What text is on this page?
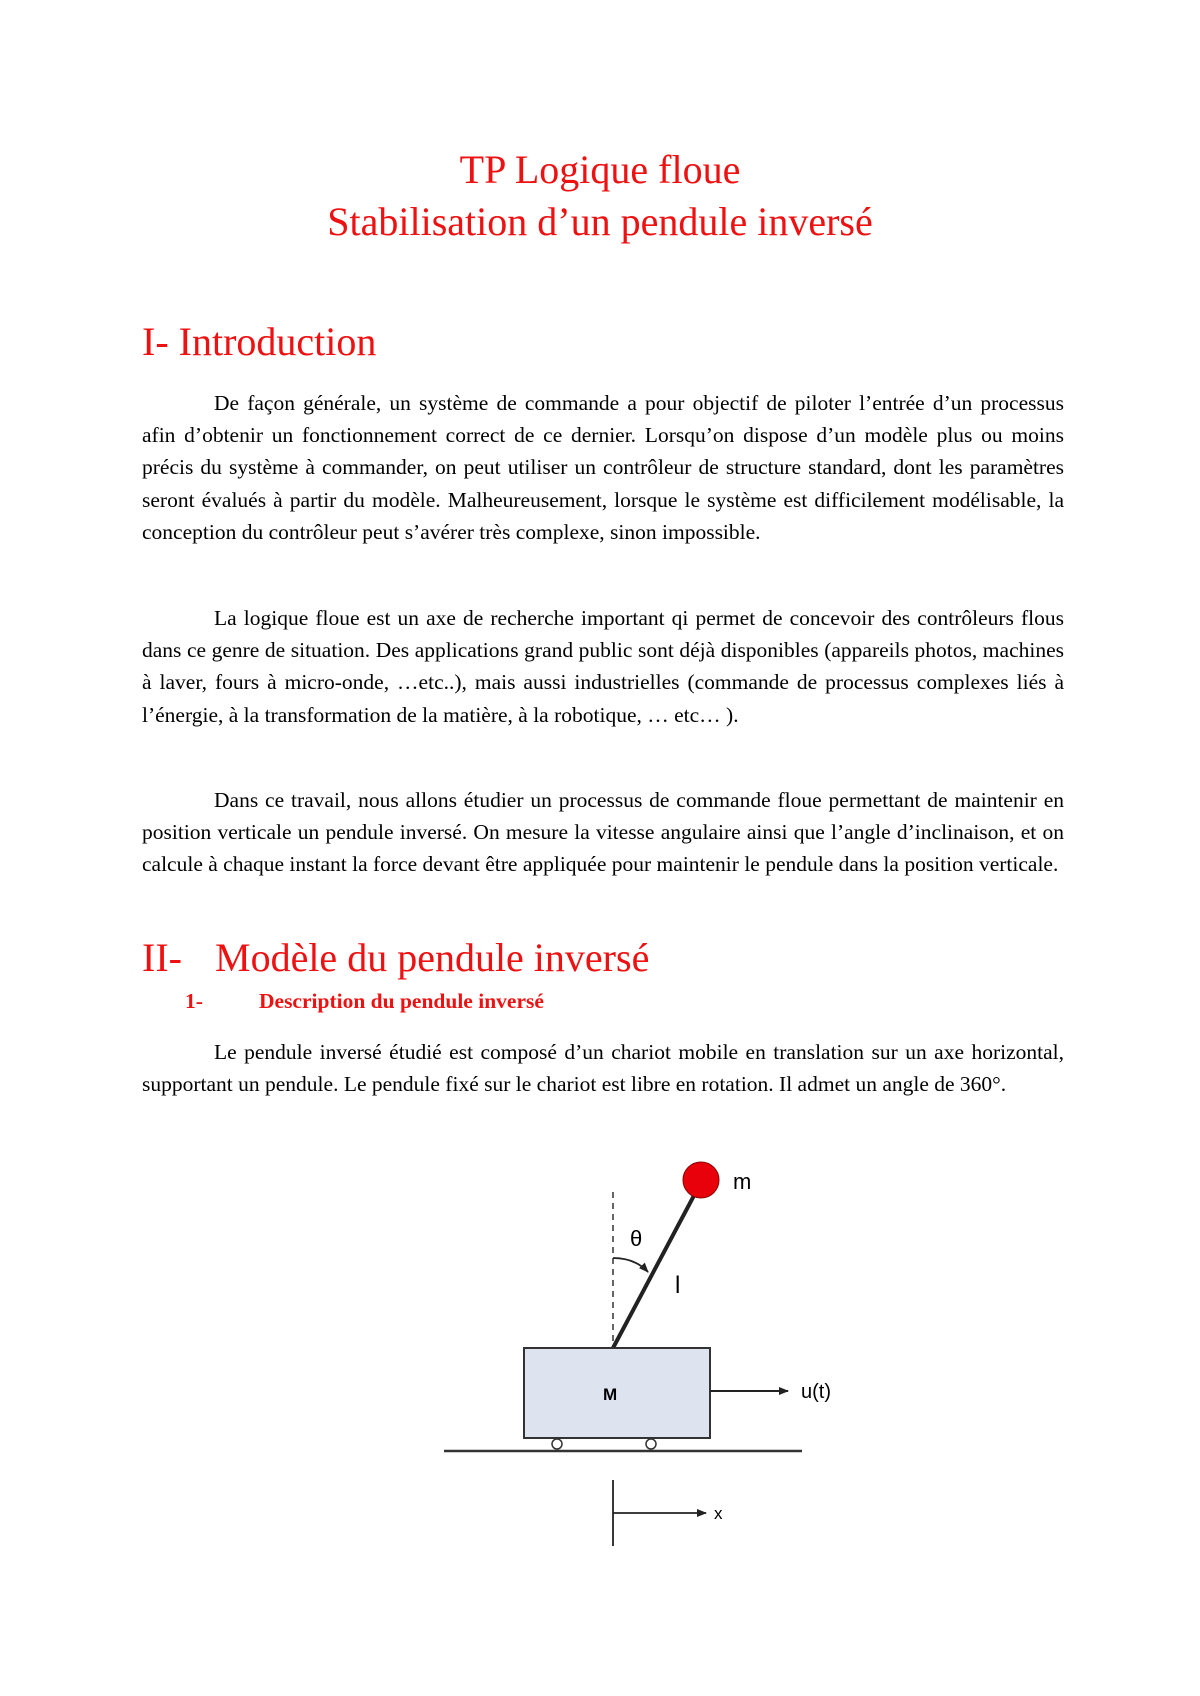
TP Logique floue
Stabilisation d’un pendule inversé
I- Introduction
De façon générale, un système de commande a pour objectif de piloter l’entrée d’un processus afin d’obtenir un fonctionnement correct de ce dernier. Lorsqu’on dispose d’un modèle plus ou moins précis du système à commander, on peut utiliser un contrôleur de structure standard, dont les paramètres seront évalués à partir du modèle. Malheureusement, lorsque le système est difficilement modélisable, la conception du contrôleur peut s’avérer très complexe, sinon impossible.
La logique floue est un axe de recherche important qi permet de concevoir des contrôleurs flous dans ce genre de situation. Des applications grand public sont déjà disponibles (appareils photos, machines à laver, fours à micro-onde, …etc..), mais aussi industrielles (commande de processus complexes liés à l’énergie, à la transformation de la matière, à la robotique, … etc… ).
Dans ce travail, nous allons étudier un processus de commande floue permettant de maintenir en position verticale un pendule inversé. On mesure la vitesse angulaire ainsi que l’angle d’inclinaison, et on calcule à chaque instant la force devant être appliquée pour maintenir le pendule dans la position verticale.
II- Modèle du pendule inversé
1-	Description du pendule inversé
Le pendule inversé étudié est composé d’un chariot mobile en translation sur un axe horizontal, supportant un pendule. Le pendule fixé sur le chariot est libre en rotation. Il admet un angle de 360°.
m
θ
l
M	u(t)
x
